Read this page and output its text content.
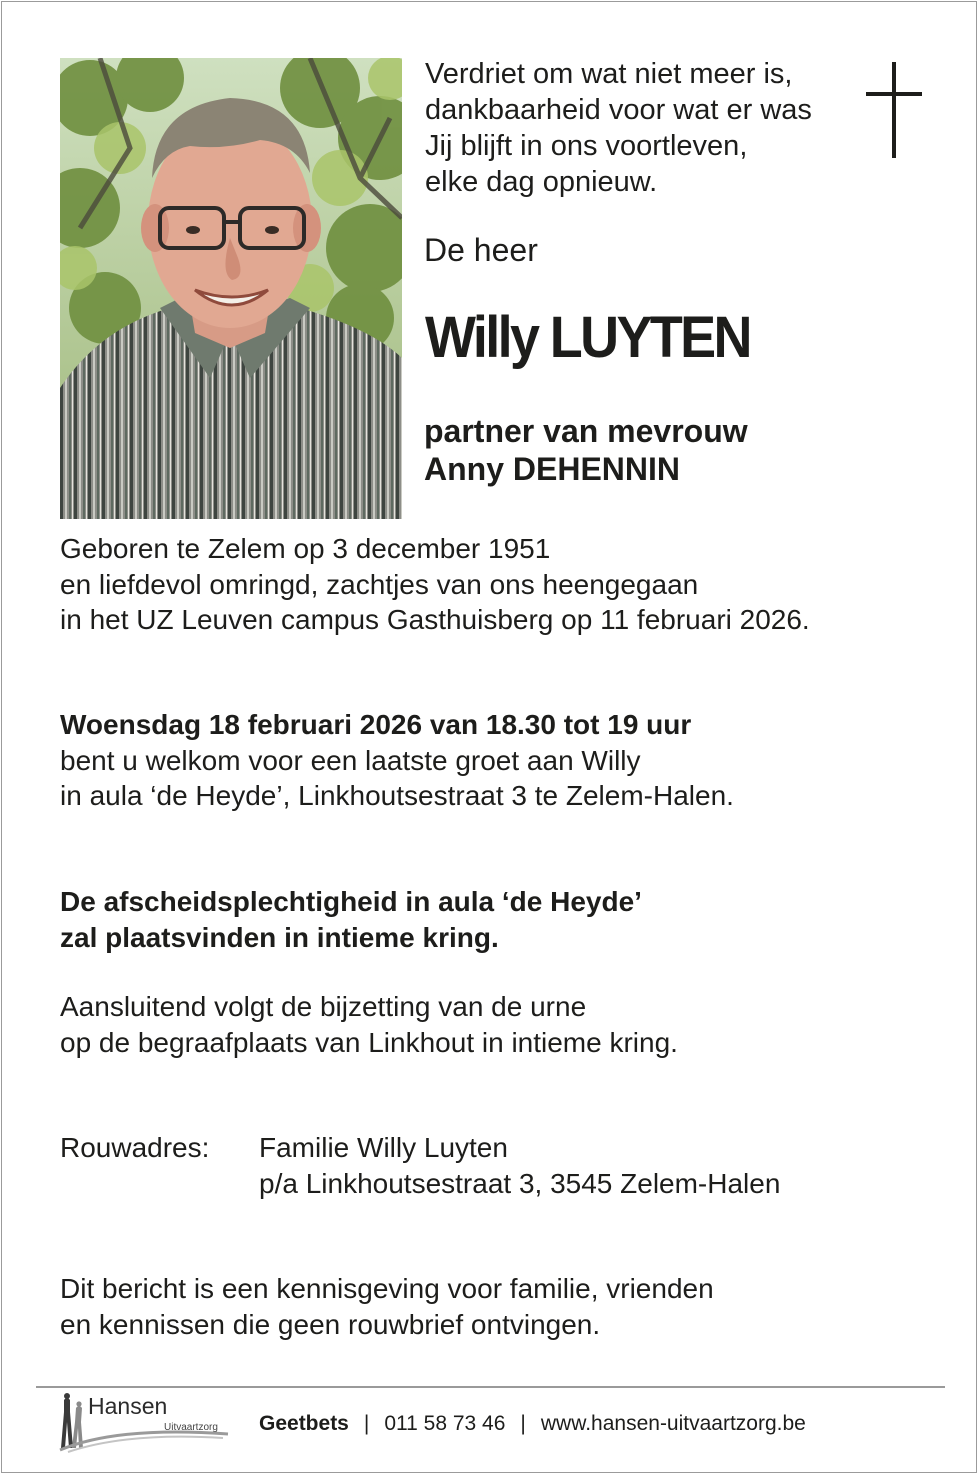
Verdriet om wat niet meer is,
dankbaarheid voor wat er was
Jij blijft in ons voortleven,
elke dag opnieuw.
De heer
Willy LUYTEN
partner van mevrouw
Anny DEHENNIN
Geboren te Zelem op 3 december 1951
en liefdevol omringd, zachtjes van ons heengegaan
in het UZ Leuven campus Gasthuisberg op 11 februari 2026.
Woensdag 18 februari 2026 van 18.30 tot 19 uur
bent u welkom voor een laatste groet aan Willy
in aula ‘de Heyde’, Linkhoutsestraat 3 te Zelem-Halen.
De afscheidsplechtigheid in aula ‘de Heyde’
zal plaatsvinden in intieme kring.
Aansluitend volgt de bijzetting van de urne
op de begraafplaats van Linkhout in intieme kring.
Rouwadres: Familie Willy Luyten
p/a Linkhoutsestraat 3, 3545 Zelem-Halen
Dit bericht is een kennisgeving voor familie, vrienden
en kennissen die geen rouwbrief ontvingen.
Hansen
Uitvaartzorg Geetbets | 011 58 73 46 | www.hansen-uitvaartzorg.be
